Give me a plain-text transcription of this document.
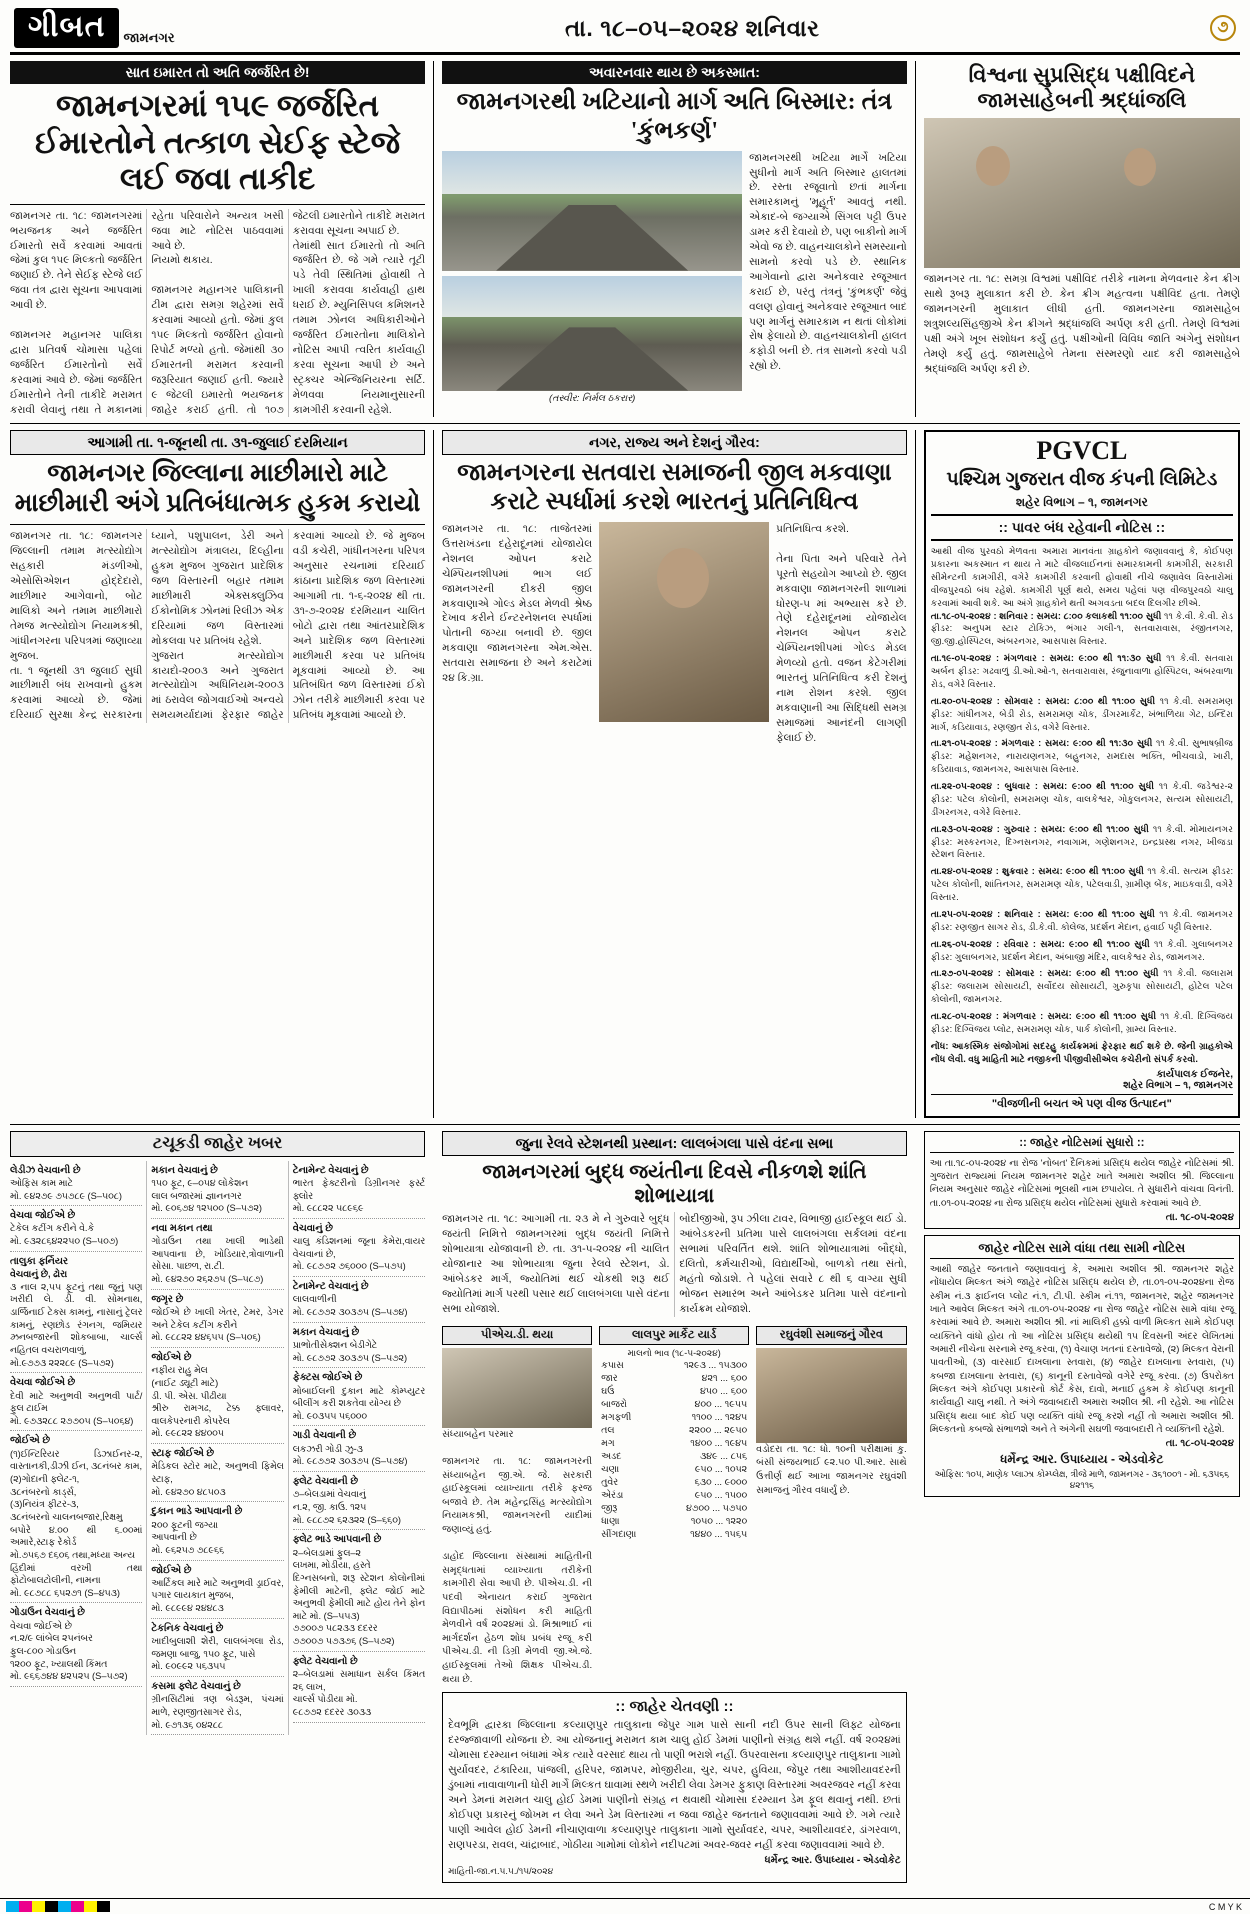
ગીબત	જામનગર	તા. ૧૮–૦૫–૨૦૨૪ શનિવાર	૭
સાત ઇમારત તો અતિ જર્જરિત છે!
જામનગરમાં ૧૫૯ જર્જરિત ઈમારતોને તત્કાળ સેઈફ સ્ટેજે લઈ જવા તાકીદ
જામનગર તા. ૧૮: જામનગરમાં ભયજનક અને જર્જરિત ઈમારતો સર્વે કરવામાં આવતાં જેમાં કુલ ૧૫૯ મિલ્કતો જર્જરિત જણાઈ છે. તેને સેઈફ સ્ટેજે લઈ જવા તંત્ર દ્વારા સૂચના આપવામાં આવી છે.

જામનગર મહાનગર પાલિકા દ્વારા પ્રતિવર્ષ ચોમાસા પહેલાં જર્જરિત ઈમારતોનો સર્વે કરવામાં આવે છે. જેમાં જર્જરિત ઈમારતોને તેની તાકીદે મરામત કરાવી લેવાનું તથા તે મકાનમાં રહેતા પરિવારોને અન્યત્ર ખસી જવા માટે નોટિસ પાઠવવામાં આવે છે.
નિયમો થકાય.

જામનગર મહાનગર પાલિકાની ટીમ દ્વારા સમગ્ર શહેરમાં સર્વે કરવામાં આવ્યો હતો. જેમાં કુલ ૧૫૯ મિલ્કતો જર્જરિત હોવાનો રિપોર્ટ મળ્યો હતો. જેમાંથી ૩૦ ઈમારતની મરામત કરવાની જરૂરિયાત જણાઈ હતી. જ્યારે ૯ જેટલી ઇમારતો ભયજનક જાહેર કરાઈ હતી. તો ૧૦૭ જેટલી ઇમારતોને તાકીદે મરામત કરાવવા સૂચના અપાઈ છે.
તેમાંથી સાત ઈમારતો તો અતિ જર્જરિત છે. જે ગમે ત્યારે તૂટી પડે તેવી સ્થિતિમાં હોવાથી તે ખાલી કરાવવા કાર્યવાહી હાથ ધરાઈ છે. મ્યુનિસિપલ કમિશનરે તમામ ઝોનલ અધિકારીઓને જર્જરિત ઈમારતોના માલિકોને નોટિસ આપી ત્વરિત કાર્યવાહી કરવા સૂચના આપી છે અને સ્ટ્રક્ચર એન્જિનિયરના સર્ટિ. મેળવવા નિયમાનુસારની કામગીરી કરવાની રહેશે.
અવારનવાર થાય છે અકસ્માત:
જામનગરથી ખટિયાનો માર્ગ અતિ બિસ્માર: તંત્ર 'કુંભકર્ણ'
(તસ્વીર: નિર્મલ ઠકરાર)
જામનગરથી ખટિયા માર્ગે ખટિયા સુધીનો માર્ગ અતિ બિસ્માર હાલતમાં છે. રસ્તા રજૂવાતો છતાં માર્ગના સમારકામનું 'મૂહૂર્ત' આવતું નથી. એકાદ-બે જગ્યાએ સિંગલ પટ્ટી ઉપર ડામર કરી દેવાયો છે, પણ બાકીનો માર્ગ એવો જ છે. વાહનચાલકોને સમસ્યાનો સામનો કરવો પડે છે. સ્થાનિક આગેવાનો દ્વારા અનેકવાર રજૂઆત કરાઈ છે, પરંતુ તંત્રનું 'કુંભકર્ણ' જેવું વલણ હોવાનું અનેકવાર રજૂઆત બાદ પણ માર્ગનું સમારકામ ન થતાં લોકોમાં રોષ ફેલાયો છે. વાહનચાલકોની હાલત કફોડી બની છે. તંત્ર સામનો કરવો પડી રહ્યો છે.
વિશ્વના સુપ્રસિદ્ધ પક્ષીવિદને જામસાહેબની શ્રદ્ધાંજલિ
જામનગર તા. ૧૮: સમગ્ર વિશ્વમાં પક્ષીવિદ તરીકે નામના મેળવનાર કેન ક્રીગ સાથે રૂબરૂ મુલાકાત કરી છે. કેન ક્રીગ મહત્વના પક્ષીવિદ હતા. તેમણે જામનગરની મુલાકાત લીધી હતી. જામનગરના જામસાહેબ શત્રુશલ્યસિંહજીએ કેન ક્રીગને શ્રદ્ધાંજલિ અર્પણ કરી હતી. તેમણે વિશ્વમાં પક્ષી અંગે ખૂબ સંશોધન કર્યું હતું. પક્ષીઓની વિવિધ જાતિ અંગેનું સંશોધન તેમણે કર્યું હતું. જામસાહેબે તેમના સંસ્મરણો યાદ કરી જામસાહેબે શ્રદ્ધાંજલિ અર્પણ કરી છે.
આગામી તા. ૧-જૂનથી તા. ૩૧-જુલાઈ દરમિયાન
જામનગર જિલ્લાના માછીમારો માટે માછીમારી અંગે પ્રતિબંધાત્મક હુકમ કરાયો
જામનગર તા. ૧૮: જામનગર જિલ્લાની તમામ મત્સ્યોદ્યોગ સહકારી મંડળીઓ, એસોસિએશન હોદ્દેદારો, માછીમાર આગેવાનો, બોટ માલિકો અને તમામ માછીમારો તેમજ મત્સ્યોદ્યોગ નિયામકશ્રી, ગાંધીનગરના પરિપત્રમાં જણાવ્યા મુજબ.
તા. ૧ જૂનથી ૩૧ જુલાઈ સુધી માછીમારી બંધ રાખવાનો હુકમ કરવામાં આવ્યો છે. જેમાં દરિયાઈ સુરક્ષા કેન્દ્ર સરકારના ધ્યાને, પશુપાલન, ડેરી અને મત્સ્યોદ્યોગ મંત્રાલય, દિલ્હીના હુકમ મુજબ ગુજરાત પ્રાદેશિક જળ વિસ્તારની બહાર તમામ માછીમારી એક્સક્લુઝિવ ઈકોનોમિક ઝોનમાં રિલીઝ એક દરિયામાં જળ વિસ્તારમાં મોકલવા પર પ્રતિબંધ રહેશે.
ગુજરાત મત્સ્યોદ્યોગ કાયદો-૨૦૦૩ અને ગુજરાત મત્સ્યોદ્યોગ અધિનિયમ-૨૦૦૩ માં ઠરાવેલ જોગવાઈઓ અન્વયે સમયમર્યાદામાં ફેરફાર જાહેર કરવામાં આવ્યો છે. જે મુજબ વડી કચેરી, ગાંધીનગરના પરિપત્ર અનુસાર રચનામાં દરિયાઈ કાંઠાના પ્રાદેશિક જળ વિસ્તારમાં આગામી તા. ૧-૬-૨૦૨૪ થી તા. ૩૧-૭-૨૦૨૪ દરમિયાન ચાલિત બોટો દ્વારા તથા આંતરપ્રાદેશિક અને પ્રાદેશિક જળ વિસ્તારમાં માછીમારી કરવા પર પ્રતિબંધ મૂકવામાં આવ્યો છે. આ પ્રતિબંધિત જળ વિસ્તારમાં ઈકો ઝોન તરીકે માછીમારી કરવા પર પ્રતિબંધ મૂકવામાં આવ્યો છે.
નગર, રાજ્ય અને દેશનું ગૌરવ:
જામનગરના સતવારા સમાજની જીલ મકવાણા કરાટે સ્પર્ધામાં કરશે ભારતનું પ્રતિનિધિત્વ
જામનગર તા. ૧૮: તાજેતરમાં ઉત્તરાખંડના દહેરાદૂનમાં યોજાયેલ નેશનલ ઓપન કરાટે ચેમ્પિયનશીપમાં ભાગ લઈ જામનગરની દીકરી જીલ મકવાણાએ ગોલ્ડ મેડલ મેળવી શ્રેષ્ઠ દેખાવ કરીને ઈન્ટરનેશનલ સ્પર્ધામાં પોતાની જગ્યા બનાવી છે. જીલ મકવાણા જામનગરના એમ.એસ. સતવારા સમાજના છે અને કરાટેમાં ૨૪ કિ.ગ્રા.
પ્રતિનિધિત્વ કરશે.

તેના પિતા અને પરિવારે તેને પૂરતો સહયોગ આપ્યો છે. જીલ મકવાણા જામનગરની શાળામાં ધોરણ-૫ માં અભ્યાસ કરે છે. તેણે દહેરાદૂનમાં યોજાયેલ નેશનલ ઓપન કરાટે ચેમ્પિયનશીપમાં ગોલ્ડ મેડલ મેળવ્યો હતો. વજન કેટેગરીમાં ભારતનું પ્રતિનિધિત્વ કરી દેશનું નામ રોશન કરશે. જીલ મકવાણાની આ સિદ્ધિથી સમગ્ર સમાજમાં આનંદની લાગણી ફેલાઈ છે.
PGVCL
પશ્ચિમ ગુજરાત વીજ કંપની લિમિટેડ
શહેર વિભાગ – ૧, જામનગર
:: પાવર બંધ રહેવાની નોટિસ ::
આથી વીજ પુરવઠો મેળવતા અમારા માનવંતા ગ્રાહકોને જણાવવાનું કે, કોઈપણ પ્રકારના અકસ્માત ન થાય તે માટે વીજલાઈનનાં સમારકામની કામગીરી, સરકારી સીમેન્ટની કામગીરી, વગેરે કામગીરી કરવાની હોવાથી નીચે જણાવેલ વિસ્તારોમાં વીજપુરવઠો બંધ રહેશે. કામગીરી પૂર્ણ થયે, સમય પહેલાં પણ વીજપુરવઠો ચાલુ કરવામાં આવી શકે. આ અંગે ગ્રાહકોને થતી અગવડતા બદલ દિલગીર છીએ.

તા.૧૮-૦૫-૨૦૨૪ : શનિવાર : સમય: ૮:૦૦ કલાકથી ૧૧:૦૦ સુધી ૧૧ કે.વી. કે.વી. રોડ ફીડર: અનુપમ સ્ટાર ટોકિઝ, ભંગાર ગલી-૧, સતવારાવાસ, રંજીતનગર, જી.જી.હોસ્પિટલ, અંબરનગર, આસપાસ વિસ્તાર.

તા.૧૯-૦૫-૨૦૨૪ : મંગળવાર : સમય: ૯:૦૦ થી ૧૧:૩૦ સુધી ૧૧ કે.વી. સતવારા અર્બન ફીડર: ગઢવાળું ડી.ઓ.ઓ-૧, સતવારાવાસ, રંજુનાવાળા હોસ્પિટલ, અંબરવાળા રોડ, વગેરે વિસ્તાર.

તા.૨૦-૦૫-૨૦૨૪ : સોમવાર : સમય: ૮:૦૦ થી ૧૧:૦૦ સુધી ૧૧ કે.વી. સમરામણ ફીડર: ગાંધીનગર, બેડી રોડ, સમરામણ ચોક, ડીંગરમાર્કેટ, ખંભાળિયા ગેટ, ઇન્દિરા માર્ગ, કડિયાવાડ, રણજીત રોડ, વગેરે વિસ્તાર.

તા.૨૧-૦૫-૨૦૨૪ : મંગળવાર : સમય: ૯:૦૦ થી ૧૧:૩૦ સુધી ૧૧ કે.વી. સુભાષબ્રીજ ફીડર: મહેશનગર, નારાયણનગર, બહુનગર, રામદાસ ભક્તિ, ભીચવાડો, ખારી, કડિયાવાડ, જામનગર, આસપાસ વિસ્તાર.

તા.૨૨-૦૫-૨૦૨૪ : બુધવાર : સમય: ૯:૦૦ થી ૧૧:૦૦ સુધી ૧૧ કે.વી. જડેશ્વર-૨ ફીડર: પટેલ કોલોની, સમરામણ ચોક, વાલકેશ્વર, ગોકુલનગર, સત્યમ સોસાયટી, ડીંગરનગર, વગેરે વિસ્તાર.

તા.૨૩-૦૫-૨૦૨૪ : ગુરુવાર : સમય: ૯:૦૦ થી ૧૧:૦૦ સુધી ૧૧ કે.વી. મોમાયનગર ફીડર: મસ્કરનગર, દિગ્નસનગર, નવાગામ, ગણેશનગર, ઇન્દ્રપ્રસ્થ નગર, ખીજડા સ્ટેશન વિસ્તાર.

તા.૨૪-૦૫-૨૦૨૪ : શુક્રવાર : સમય: ૯:૦૦ થી ૧૧:૦૦ સુધી ૧૧ કે.વી. સત્યમ ફીડર: પટેલ કોલોની, શાંતિનગર, સમરામણ ચોક, પટેલવાડી, ગ્રામીણ બેંક, માઇકવાડી, વગેરે વિસ્તાર.

તા.૨૫-૦૫-૨૦૨૪ : શનિવાર : સમય: ૯:૦૦ થી ૧૧:૦૦ સુધી ૧૧ કે.વી. જામનગર ફીડર: રણજીત સાગર રોડ, ડી.કે.વી. કોલેજ, પ્રદર્શન મેદાન, હવાઈ પટ્ટી વિસ્તાર.

તા.૨૬-૦૫-૨૦૨૪ : રવિવાર : સમય: ૯:૦૦ થી ૧૧:૦૦ સુધી ૧૧ કે.વી. ગુલાબનગર ફીડર: ગુલાબનગર, પ્રદર્શન મેદાન, અંબાજી મંદિર, વાલકેશ્વર રોડ, જામનગર.

તા.૨૭-૦૫-૨૦૨૪ : સોમવાર : સમય: ૯:૦૦ થી ૧૧:૦૦ સુધી ૧૧ કે.વી. જલારામ ફીડર: જલારામ સોસાયટી, સર્વોદય સોસાયટી, ગુરુકૃપા સોસાયટી, હોટેલ પટેલ કોલોની, જામનગર.

તા.૨૮-૦૫-૨૦૨૪ : મંગળવાર : સમય: ૯:૦૦ થી ૧૧:૦૦ સુધી ૧૧ કે.વી. દિગ્વિજય ફીડર: દિગ્વિજય પ્લોટ, સમરામણ ચોક, પાર્ક કોલોની, ગ્રામ્ય વિસ્તાર.

નોંધ: આકસ્મિક સંજોગોમાં સદરહુ કાર્યક્રમમાં ફેરફાર થઈ શકે છે. જેની ગ્રાહકોએ નોંધ લેવી. વધુ માહિતી માટે નજીકની પીજીવીસીએલ કચેરીનો સંપર્ક કરવો.
કાર્યપાલક ઈજનેર,
શહેર વિભાગ – ૧, જામનગર
"વીજળીની બચત એ પણ વીજ ઉત્પાદન"
ટચૂકડી જાહેર ખબર
લેડીઝ વેચવાની છે
ઓફિસ કામ માટે
મો. ૯૪૨૭૯ ૭૫૭૮૯ (S–૫૦૮)
વેચવા જોઈએ છે
ટેકેલ કટીંગ કરીને વે.કે
મો. ૯૩૨૮૬૪૨૨૫૦ (S–૫૦૭)
તાલુકા ફર્નિયર
વેચવાનું છે, ઢોરા
૩ નાલ ૨,૫૫ ફૂટનું તથા જૂનું પણ ખરીદી લે. ડી. વી. સોમનાથ, ડાર્જિનાઈ ટેક્સ કામનું, નાસાનું ટ્રેલર કામનું, રણછોડ રંગનગ, જમિયર ઝ્રનબજારની શોકબાબા, ચાર્લ્સ નહિતલ વચરાળવાળું,
મો.૯૭૭૩ ૨૨૨૮૯ (S–૫૭૨)
વેચવા જોઈએ છે
દેવી માટે અનુભવી અનુભવી પાર્ટ/ફુલ ટાઈમ
મો. ૯૭૩૨૮૮ ૨૭૭૦૫ (S–૫૦૬૪)
જોઈએ છે
(૧)ઈન્ટિરિયર ડિઝાઈનર-૨, વાસ્તાનકી,ડીઝી ઈન, ૩૮નંબર કામ,
(૨)ગોદાની ફ્લેટ-૧,
૩૮નંબરનો કાર્ડ્સ,
(૩)નિયંત્ર ફીટર-૩,
૩૮નંબરનો ચાલનબજાર,રિક્ષમુ
બપોરે ૪.૦૦ થી ૬.૦૦માં અમારે,સ્ટાફ રેકોર્ડ
મો.૭૫૬૭ દ૬૦૬ તથા,મધ્યા અન્ય
હિંદીમાં વરખી તથા ફોટોબાલટોલીની, નામના
મો. ૯૮૭૮૮ ૬૫૨૭૧ (S–૪૫૩)
ગોડાઉન વેચવાનું છે
વેચવા જોઈએ છે
ન.૨/૯ લાંબેલ ૨૫નંબર
ફુલ-૮૦૦ ગોડાઉન
૧૨૦૦ ફૂટ, ખ્યાલથી કિંમત
મો. ૯૬૬૭૪૪ ૪૨૫૨૫ (S–૫૭૨)
મકાન વેચવાનું છે
૧૫૦ ફૂટ, ૯–૦૫૪ લોકેશન
લાલ બજારમાં જ્ઞાનનગર
મો. ૯૦૬૭૪ ૧૨૫૦૦ (S–૫૭૨)
નવા મકાન તથા
ગોડાઉન તથા ખાલી ભાડેથી આપવાના છે, ખોડિયાર,ત્રોવાળાની સોસા. પાછળ, રા.ટી.
મો. ૯૪૨૭૦ ૨૬૨૭૫ (S–૫૮૭)
જગૃર છે
જોઈએ છે ખાલી ખેતર, ટેમર, ડેગર અને ટેકેલ કટીંગ કરીને
મો. ૯૮૮૨૨ ૪૪૬૫૫ (S–૫૦૬)
જોઈએ છે
નફીય રાહુ મેલ
(નાઈટ ડ્યૂટી માટે)
ડી. પી. એસ. પીઢીયા
શ્રીરુ રામગઢ, ટેક્ક ફ્લાવર, વાલકેપરનારી કોપરેલ
મો. ૯૯૮૨૨ ૪૪૦૦૫
સ્ટાફ જોઈએ છે
મેડિકલ સ્ટોર માટે, અનુભવી ફિમેલ સ્ટાફ,
મો. ૯૪૨૭૦ ૪૮૫૦૩
દુકાન ભાડે આપવાની છે
૨૦૦ ફૂટની જગ્યા
આપવાની છે
મો. ૯૬૨૫૭ ૭૮૯૬૬
જોઈએ છે
આર્ટિકલ મારે માટે અનુભવી ડ્રાઈવર, પગાર લાયકાત મુજબ,
મો. ૯૮૯૯૪ ૨૪૪૮૩
ટેકનિક વેચવાનું છે
ખાદીબુલાશી શેરી, લાલબંગલા રોડ, જમણા બાજુ, ૧૫૦ ફૂટ, પાસે
મો. ૯૦૯૯૨ ૫૬૩૫૫
કસમા ફ્લેટ વેચવાનું છે
ગ્રીનસિટીમાં ત્રણ બેડરૂમ, પંચમાં માળે, રણજીતસાગર રોડ,
મો. ૯૭૧૩૬ ૦૪૨૮૮
ટેનામેન્ટ વેચવાનું છે
ભારત ફેક્ટરીનો ડિગ્રીનગર ફર્સ્ટ ફ્લોર
મો. ૯૮૮૨૨ ૫૮૯૬૯
વેચવાનું છે
ચાલુ કંડિશનમાં જૂના કેમેરા,વાયર વેચવાનાં છે,
મો. ૯૮૭૭૨ ૭૬૦૦૦ (S–૫૭૫)
ટેનામેન્ટ વેચવાનું છે
લાલવાળીની
મો. ૯૮૭૭૨ ૩૦૩૭૫ (S–૫૭૪)
મકાન વેચવાનું છે
પ્રાભોતીસેક્શન બેડીગેટે
મો. ૯૮૭૭૨ ૩૦૩૭૫ (S–૫૭૨)
ફેક્ટસ જોઈએ છે
મોબાઈલની દુકાન માટે કોમ્પ્યુટર બીલીંગ કરી શકતેવા યોગ્ય છે
મો. ૯૦૩૫૫ ૫૬૦૦૦
ગાડી વેચવાની છે
લકઝરી ગોડી ઝુ-૩
મો. ૯૮૭૭૨ ૩૦૩૭૫ (S–૫૭૪)
ફ્લેટ વેચવાની છે
૭–બેલડામાં વેચવાનું
ન.૨, જી. કાઉ. ૧૨૫
મો. ૯૮૮૭૨ ૬૨૩૨૨ (S–૬૬૦)
ફ્લેટ ભાડે આપવાની છે
૨–બેલડામાં ફુલ–૨
લખમા, મોડીયા, હસ્તે
દિગ્નસબનો, શરૂ સ્ટેશન કોલોનીમાં ફેમીલી માટેની, ફ્લેટ જોઈ માટે અનુભવી ફેમીલી માટે હોય તેને ફોન માટે મો. (S–૫૫૩)
૭૭૦૦૭ ૫૮૨૩૩ દદરર
૭૭૦૦૭ ૫૭૩૭૬ (S–૫૭૨)
ફ્લેટ વેચવાનો છે
૨–બેલડામાં સમાધાન સર્કલ કિંમત ૨૬ લાખ,
ચાર્લ્સ પોડીયા મો.
૯૮૭૭૨ દદરર ૩૦૩૩
જુના રેલવે સ્ટેશનથી પ્રસ્થાન: લાલબંગલા પાસે વંદના સભા
જામનગરમાં બુદ્ધ જયંતીના દિવસે નીકળશે શાંતિ શોભાયાત્રા
જામનગર તા. ૧૮: આગામી તા. ૨૩ મે ને ગુરુવારે બુદ્ધ જયંતી નિમિત્તે જામનગરમાં બુદ્ધ જયંતી નિમિત્તે શોભાયાત્રા યોજાવાની છે. તા. ૩૧-૫-૨૦૨૪ ની ચાલિત યોજાનાર આ શોભાયાત્રા જુના રેલવે સ્ટેશન, ડો. આંબેડકર માર્ગ, જ્યોતિમાં થઈ ચોકથી શરૂ થઈ જ્યોતિમાં માર્ગ પરથી પસાર થઈ લાલબંગલા પાસે વંદના સભા યોજાશે.
બોદીજીઓ, રૂપ ઝીલા ટાવર, વિભાજી હાઈસ્કૂલ થઈ ડો. આંબેડકરની પ્રતિમા પાસે લાલબંગલા સર્કલમાં વંદના સભામાં પરિવર્તિત થશે. શાંતિ શોભાયાત્રામાં બૌદ્ધો, દલિતો, કર્મચારીઓ, વિદ્યાર્થીઓ, બાળકો તથા સંતો, મહંતો જોડાશે. તે પહેલાં સવારે ૮ થી ૬ વાગ્યા સુધી ભોજન સમારંભ અને આંબેડકર પ્રતિમા પાસે વંદનાનો કાર્યક્રમ યોજાશે.
પીએચ.ડી. થયા
સંધ્યાબહેન પરમાર

જામનગર તા. ૧૮: જામનગરની સંધ્યાબહેન જી.એ. જે. સરકારી હાઈસ્કૂલમાં વ્યાખ્યાતા તરીકે ફરજ બજાવે છે. તેમ મહેન્દ્રસિંહ મત્સ્યોદ્યોગ નિયામકશ્રી, જામનગરની યાદીમાં જણાવ્યું હતું.

ડાહોદ જિલ્લાના સંસ્થામાં માહિતીની સમૃદ્ધતામાં વ્યાખ્યાતા તરીકેની કામગીરી સેવા આપી છે. પીએચ.ડી. ની પદવી એનાયત કરાઈ ગુજરાત વિદ્યાપીઠમાં સંશોધન કરી માહિતી મેળવીને વર્ષ ૨૦૨૪માં ડો. મિશ્રાભાઈ નાં માર્ગદર્શન હેઠળ શોધ પ્રબંધ રજૂ કરી પીએચ.ડી. ની ડિગ્રી મેળવી જી.એ.જે. હાઈસ્કૂલમાં તેઓ શિક્ષક પીએચ.ડી. થયા છે.
લાલપુર માર્કેટ યાર્ડ
માલનો ભાવ (૧૮-૫-૨૦૨૪)
કપાસ	૧૨૯૩ ... ૧૫૩૦૦
જાર	૪૨૧ ... ૬૦૦
ઘઉં	૪૫૦ ... ૬૦૦
બાજરો	૪૦૦ ... ૧૯૫૫
મગફળી	૧૧૦૦ ... ૧૨૪૫
તલ	૨૨૦૦ ... ૨૯૫૦
મગ	૧૪૦૦ ... ૧૯૪૫
અડદ	૩૪૯ ... ૮૫૬
ચણા	૯૫૦ ... ૧૦૫૨
તુવેર	૬૩૦ ... ૯૦૦૦
એરંડા	૯૫૦ ... ૧૫૦૦
જીરૂ	૪૭૦૦ ... ૫૭૫૦
ધાણા	૧૦૫૦ ... ૧૨૨૦
સીંગદાણા	૧૪૪૦ ... ૧૫૬૫
રઘુવંશી સમાજનું ગૌરવ
વડોદરા તા. ૧૮: ધો. ૧૦ની પરીક્ષામાં કુ. બંસી સંજયભાઈ ૯૨.૫૦ પી.આર. સાથે ઉત્તીર્ણ થઈ આખા જામનગર રઘુવંશી સમાજનું ગૌરવ વધાર્યું છે.
:: જાહેર ચેતવણી ::
દેવભૂમિ દ્વારકા જિલ્લાના કલ્યાણપુર તાલુકાના જેપુર ગામ પાસે સાની નદી ઉપર સાની લિફ્ટ યોજના દરજ્જાવાળી યોજના છે. આ યોજનાનું મરામત કામ ચાલુ હોઈ ડેમમાં પાણીનો સંગ્રહ થશે નહીં. વર્ષ ૨૦૨૪માં ચોમાસા દરમ્યાન બંધામાં એક ત્યારે વરસાદ થાય તો પાણી ભરાશે નહીં. ઉપરવાસના કલ્યાણપુર તાલુકાના ગામો સુર્યાવદર, ટંકારિયા, પાંજલી, હરિપર, જામપર, મોજીરીયા, ચુર, ચપર, હુવિયા, જેપુર તથા આશીયાવદરની ડુંબામાં નાવાવાળાની ધોરી માર્ગે મિલ્કત ઘાવામાં સ્થળે ખરીદી લેવા ડેમગર ફુકાણ વિસ્તારમાં અવરજવર નહીં કરવા અને ડેમનાં મરામત ચાલુ હોઈ ડેમમાં પાણીનો સંગ્રહ ન થવાથી ચોમાસા દરમ્યાન ડેમ ફૂલ થવાનું નથી. છતાં કોઈપણ પ્રકારનું જોખમ ન લેવા અને ડેમ વિસ્તારમાં ન જવા જાહેર જનતાને જણાવવામાં આવે છે. ગમે ત્યારે પાણી આવેલ હોઈ ડેમની નીચાણવાળા કલ્યાણપુર તાલુકાના ગામો સુર્યાવદર, ચપર, આશીયાવદર, ડાંગરવાળ, રાણપરડા, રાવલ, ચાંદ્રાબાદ, ગોઠીયા ગામોમાં લોકોને નદીપટમાં અવર-જવર નહીં કરવા જણાવવામાં આવે છે.
ધર્મેન્દ્ર આર. ઉપાધ્યાય - એડવોકેટ
માહિતી-જા.ન.૫.૫./૧૫/૨૦૨૪
:: જાહેર નોટિસમાં સુધારો ::
આ તા.૧૮-૦૫-૨૦૨૪ ના રોજ 'નોબત' દૈનિકમાં પ્રસિદ્ધ થયેલ જાહેર નોટિસમાં શ્રી. ગુજરાત રાજ્યમાં નિયમ જામનગર શહેર ખાતે અમારા અશીલ શ્રી. જિલ્લાના નિયમ અનુસાર જાહેર નોટિસમાં ભૂલથી નામ છપાયેલ. તે સુધારીને વાંચવા વિનંતી. તા.૦૧-૦૫-૨૦૨૪ ના રોજ પ્રસિદ્ધ થયેલ નોટિસમાં સુધારો કરવામાં આવે છે.
તા. ૧૮-૦૫-૨૦૨૪
જાહેર નોટિસ સામે વાંધા તથા સામી નોટિસ
આથી જાહેર જનતાને જણાવવાનું કે, અમારા અશીલ શ્રી. જામનગર શહેર નોંધાયેલ મિલ્કત અંગે જાહેર નોટિસ પ્રસિદ્ધ થયેલ છે, તા.૦૧-૦૫-૨૦૨૪ના રોજ સ્કીમ નં.૩ ફાઈનલ પ્લોટ નં.૧, ટી.પી. સ્કીમ નં.૧૧, જામનગર, શહેર જામનગર ખાતે આવેલ મિલ્કત અંગે તા.૦૧-૦૫-૨૦૨૪ ના રોજ જાહેર નોટિસ સામે વાંધા રજૂ કરવામાં આવે છે. અમારા અશીલ શ્રી. નાં માલિકી હક્કો વાળી મિલ્કત સામે કોઈપણ વ્યક્તિને વાંધો હોય તો આ નોટિસ પ્રસિદ્ધ થયેથી ૧૫ દિવસની અંદર લેખિતમાં અમારી નીચેના સરનામે રજૂ કરવા, (૧) વેચાણ ખતનાં દસ્તાવેજો, (૨) મિલ્કત વેરાની પાવતીઓ, (૩) વારસાઈ દાખલાના સ્તવારા, (૪) જાહેર દાખલાના સ્તવારા, (૫) કબજા દાખલાના સ્તવારા, (૬) કાનૂની દસ્તાવેજો વગેરે રજૂ કરવા. (૭) ઉપરોક્ત મિલ્કત અંગે કોઈપણ પ્રકારનો કોર્ટ કેસ, દાવો, મનાઈ હુકમ કે કોઈપણ કાનૂની કાર્યવાહી ચાલુ નથી. તે અંગે જવાબદારી અમારા અશીલ શ્રી. ની રહેશે. આ નોટિસ પ્રસિદ્ધ થયા બાદ કોઈ પણ વ્યક્તિ વાંધો રજૂ કરશે નહીં તો અમારા અશીલ શ્રી. મિલ્કતનો કબજો સંભાળશે અને તે અંગેની સઘળી જવાબદારી તે વ્યક્તિની રહેશે.
તા. ૧૮-૦૫-૨૦૨૪
ધર્મેન્દ્ર આર. ઉપાધ્યાય - એડવોકેટ
ઓફિસ: ૧૦૫, માણેક પ્લાઝા કોમ્પ્લેક્ષ, ત્રીજે માળે, જામનગર - ૩૬૧૦૦૧ - મો. ૬૩૫૬૬ ૪૨૧૧૬
C M Y K
